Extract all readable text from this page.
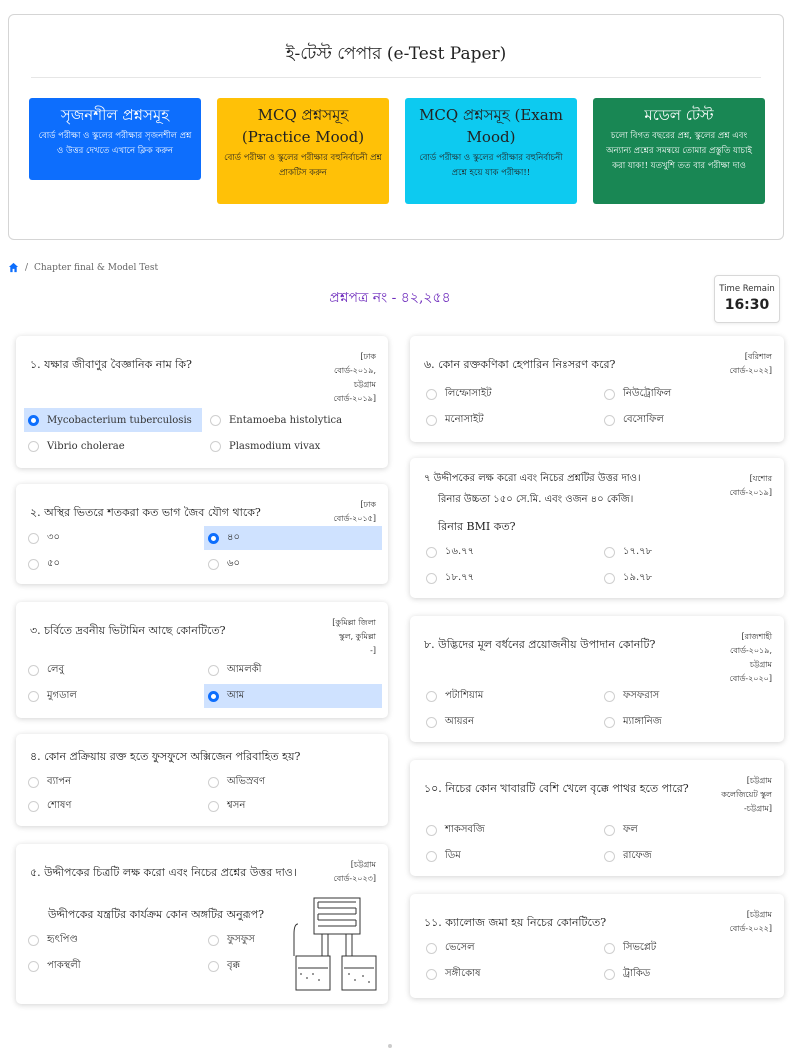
ই-টেস্ট পেপার (e-Test Paper)
সৃজনশীল প্রশ্নসমূহ
বোর্ড পরীক্ষা ও স্কুলের পরীক্ষার সৃজনশীল প্রশ্ন ও উত্তর দেখতে এখানে ক্লিক করুন
MCQ প্রশ্নসমূহ (Practice Mood)
বোর্ড পরীক্ষা ও স্কুলের পরীক্ষার বহুনির্বাচনী প্রশ্ন প্রাকটিস করুন
MCQ প্রশ্নসমূহ (Exam Mood)
বোর্ড পরীক্ষা ও স্কুলের পরীক্ষার বহুনির্বাচনী প্রশ্নে হয়ে যাক পরীক্ষা!!
মডেল টেস্ট
চলো বিগত বছরের প্রশ্ন, স্কুলের প্রশ্ন এবং অন্যান্য প্রশ্নের সমন্বয়ে তোমার প্রস্তুতি যাচাই করা যাক!! যতখুশি তত বার পরীক্ষা দাও
/ Chapter final & Model Test
প্রশ্নপত্র নং - ৪২,২৫৪
Time Remain
16:30
১. যক্ষার জীবাণুর বৈজ্ঞানিক নাম কি?
[ঢাক
বোর্ড-২০১৯,
চট্টগ্রাম
বোর্ড-২০১৯]
Mycobacterium tuberculosis	Entamoeba histolytica
Vibrio cholerae	Plasmodium vivax
২. অস্থির ভিতরে শতকরা কত ভাগ জৈব যৌগ থাকে?
[ঢাক
বোর্ড-২০১৫]
৩০	৪০
৫০	৬০
৩. চর্বিতে দ্রবনীয় ভিটামিন আছে কোনটিতে?
[কুমিল্লা জিলা
স্কুল, কুমিল্লা
-]
লেবু	আমলকী
মুগডাল	আম
৪. কোন প্রক্রিয়ায় রক্ত হতে ফুসফুসে অক্সিজেন পরিবাহিত হয়?
ব্যাপন	অভিস্রবণ
শোষণ	শ্বসন
৫. উদ্দীপকের চিত্রটি লক্ষ করো এবং নিচের প্রশ্নের উত্তর দাও।
[চট্টগ্রাম
বোর্ড-২০২৩]
উদ্দীপকের যন্ত্রটির কার্যক্রম কোন অঙ্গটির অনুরূপ?
হৃৎপিণ্ড	ফুসফুস
পাকস্থলী	বৃক্ক
৬. কোন রক্তকণিকা হেপারিন নিঃসরণ করে?
[বরিশাল
বোর্ড-২০২২]
লিম্ফোসাইট	নিউট্রোফিল
মনোসাইট	বেসোফিল
৭ উদ্দীপকের লক্ষ করো এবং নিচের প্রশ্নটির উত্তর দাও।	[যশোর
বোর্ড-২০১৯]
রিনার উচ্চতা ১৫০ সে.মি. এবং ওজন ৪০ কেজি।
রিনার BMI কত?
১৬.৭৭	১৭.৭৮
১৮.৭৭	১৯.৭৮
৮. উদ্ভিদের মূল বর্ধনের প্রয়োজনীয় উপাদান কোনটি?
[রাজশাহী
বোর্ড-২০১৯,
চট্টগ্রাম
বোর্ড-২০২০]
পটাশিয়াম	ফসফরাস
আয়রন	ম্যাঙ্গানিজ
১০. নিচের কোন খাবারটি বেশি খেলে বৃক্কে পাথর হতে পারে?
[চট্টগ্রাম
কলেজিয়েট স্কুল
-চট্টগ্রাম]
শাকসবজি	ফল
ডিম	রাফেজ
১১. ক্যালোজ জমা হয় নিচের কোনটিতে?
[চট্টগ্রাম
বোর্ড-২০২২]
ভেসেল	সিভপ্লেট
সঙ্গীকোষ	ট্রাকিড
